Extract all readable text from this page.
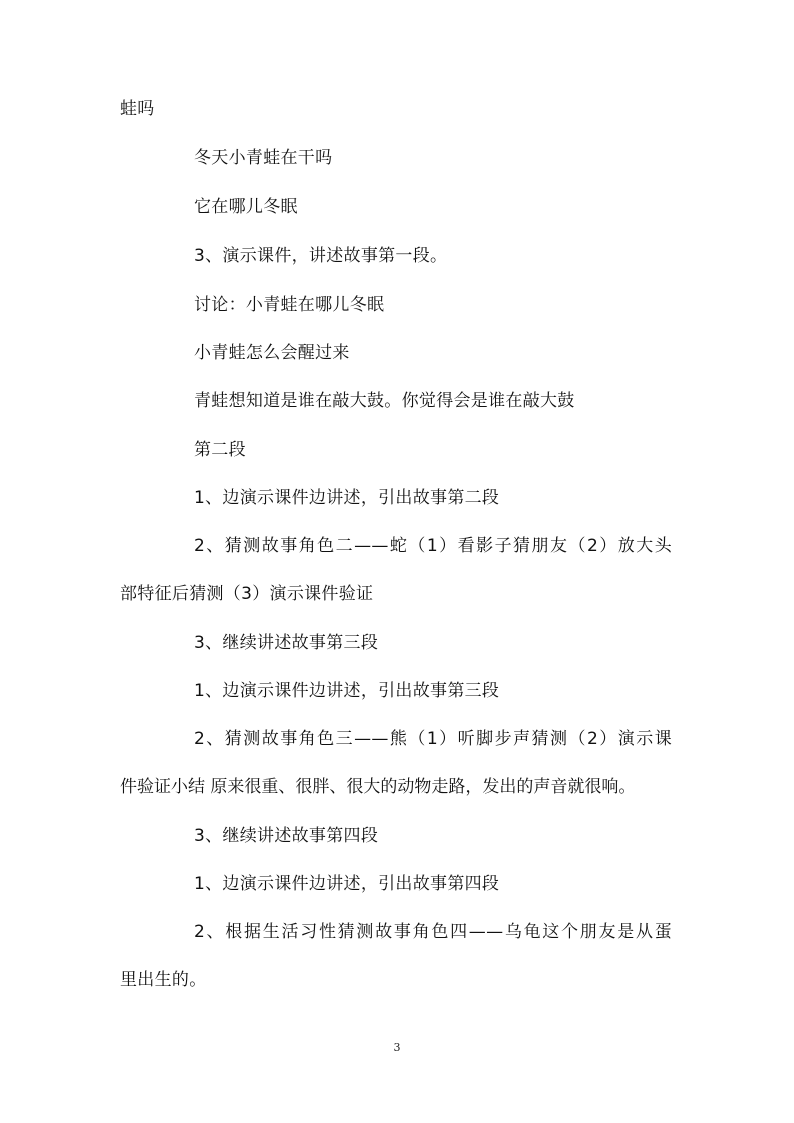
蛙吗
冬天小青蛙在干吗
它在哪儿冬眠
3、演示课件，讲述故事第一段。
讨论：小青蛙在哪儿冬眠
小青蛙怎么会醒过来
青蛙想知道是谁在敲大鼓。你觉得会是谁在敲大鼓
第二段
1、边演示课件边讲述，引出故事第二段
2、猜测故事角色二——蛇（1）看影子猜朋友（2）放大头
部特征后猜测（3）演示课件验证
3、继续讲述故事第三段
1、边演示课件边讲述，引出故事第三段
2、猜测故事角色三——熊（1）听脚步声猜测（2）演示课
件验证小结 原来很重、很胖、很大的动物走路，发出的声音就很响。
3、继续讲述故事第四段
1、边演示课件边讲述，引出故事第四段
2、根据生活习性猜测故事角色四——乌龟这个朋友是从蛋
里出生的。
3
